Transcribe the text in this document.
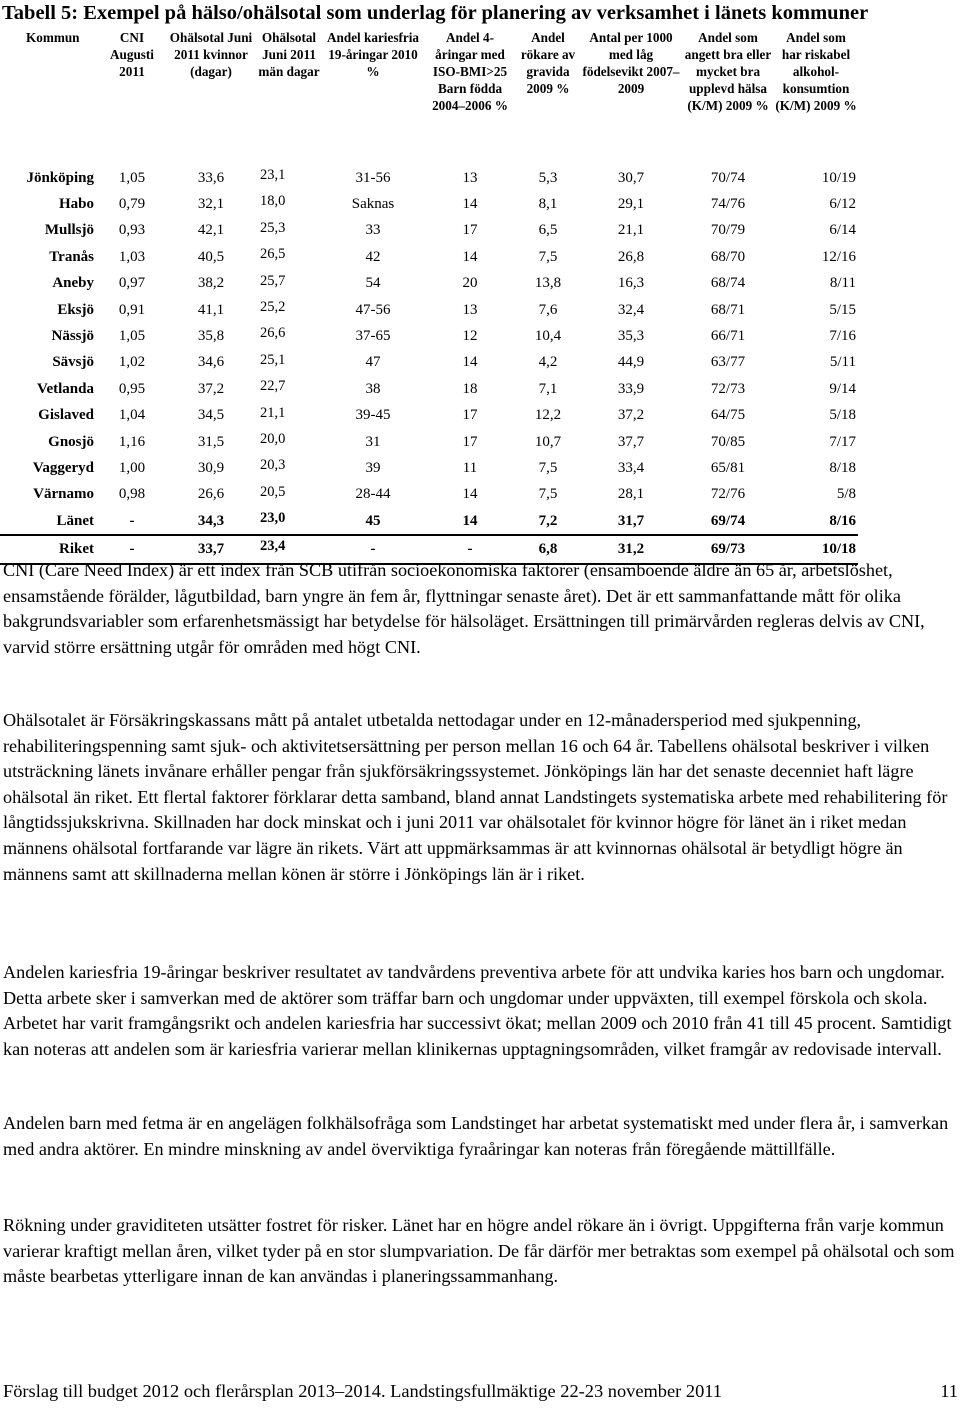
Tabell 5: Exempel på hälso/ohälsotal som underlag för planering av verksamhet i länets kommuner
Kommun	CNI Augusti 2011	Ohälsotal Juni 2011 kvinnor (dagar)	Ohälsotal Juni 2011 män dagar	Andel kariesfria 19-åringar 2010 %	Andel 4-åringar med ISO-BMI>25 Barn födda 2004–2006 %	Andel rökare av gravida 2009 %	Antal per 1000 med låg födelsevikt 2007–2009	Andel som angett bra eller mycket bra upplevd hälsa (K/M) 2009 %	Andel som har riskabel alkohol-konsumtion (K/M) 2009 %
Jönköping	1,05	33,6	23,1	31-56	13	5,3	30,7	70/74	10/19
Habo	0,79	32,1	18,0	Saknas	14	8,1	29,1	74/76	6/12
Mullsjö	0,93	42,1	25,3	33	17	6,5	21,1	70/79	6/14
Tranås	1,03	40,5	26,5	42	14	7,5	26,8	68/70	12/16
Aneby	0,97	38,2	25,7	54	20	13,8	16,3	68/74	8/11
Eksjö	0,91	41,1	25,2	47-56	13	7,6	32,4	68/71	5/15
Nässjö	1,05	35,8	26,6	37-65	12	10,4	35,3	66/71	7/16
Sävsjö	1,02	34,6	25,1	47	14	4,2	44,9	63/77	5/11
Vetlanda	0,95	37,2	22,7	38	18	7,1	33,9	72/73	9/14
Gislaved	1,04	34,5	21,1	39-45	17	12,2	37,2	64/75	5/18
Gnosjö	1,16	31,5	20,0	31	17	10,7	37,7	70/85	7/17
Vaggeryd	1,00	30,9	20,3	39	11	7,5	33,4	65/81	8/18
Värnamo	0,98	26,6	20,5	28-44	14	7,5	28,1	72/76	5/8
Länet	-	34,3	23,0	45	14	7,2	31,7	69/74	8/16
Riket	-	33,7	23,4	-	-	6,8	31,2	69/73	10/18
CNI (Care Need Index) är ett index från SCB utifrån socioekonomiska faktorer (ensamboende äldre än 65 år, arbetslöshet, ensamstående förälder, lågutbildad, barn yngre än fem år, flyttningar senaste året). Det är ett sammanfattande mått för olika bakgrundsvariabler som erfarenhetsmässigt har betydelse för hälsoläget. Ersättningen till primärvården regleras delvis av CNI, varvid större ersättning utgår för områden med högt CNI.
Ohälsotalet är Försäkringskassans mått på antalet utbetalda nettodagar under en 12-månadersperiod med sjukpenning, rehabiliteringspenning samt sjuk- och aktivitetsersättning per person mellan 16 och 64 år. Tabellens ohälsotal beskriver i vilken utsträckning länets invånare erhåller pengar från sjukförsäkringssystemet. Jönköpings län har det senaste decenniet haft lägre ohälsotal än riket. Ett flertal faktorer förklarar detta samband, bland annat Landstingets systematiska arbete med rehabilitering för långtidssjukskrivna. Skillnaden har dock minskat och i juni 2011 var ohälsotalet för kvinnor högre för länet än i riket medan männens ohälsotal fortfarande var lägre än rikets. Värt att uppmärksammas är att kvinnornas ohälsotal är betydligt högre än männens samt att skillnaderna mellan könen är större i Jönköpings län är i riket.
Andelen kariesfria 19-åringar beskriver resultatet av tandvårdens preventiva arbete för att undvika karies hos barn och ungdomar. Detta arbete sker i samverkan med de aktörer som träffar barn och ungdomar under uppväxten, till exempel förskola och skola. Arbetet har varit framgångsrikt och andelen kariesfria har successivt ökat; mellan 2009 och 2010 från 41 till 45 procent. Samtidigt kan noteras att andelen som är kariesfria varierar mellan klinikernas upptagningsområden, vilket framgår av redovisade intervall.
Andelen barn med fetma är en angelägen folkhälsofråga som Landstinget har arbetat systematiskt med under flera år, i samverkan med andra aktörer. En mindre minskning av andel överviktiga fyraåringar kan noteras från föregående mättillfälle.
Rökning under graviditeten utsätter fostret för risker. Länet har en högre andel rökare än i övrigt. Uppgifterna från varje kommun varierar kraftigt mellan åren, vilket tyder på en stor slumpvariation. De får därför mer betraktas som exempel på ohälsotal och som måste bearbetas ytterligare innan de kan användas i planeringssammanhang.
Förslag till budget 2012 och flerårsplan 2013–2014. Landstingsfullmäktige 22-23 november 2011	11
